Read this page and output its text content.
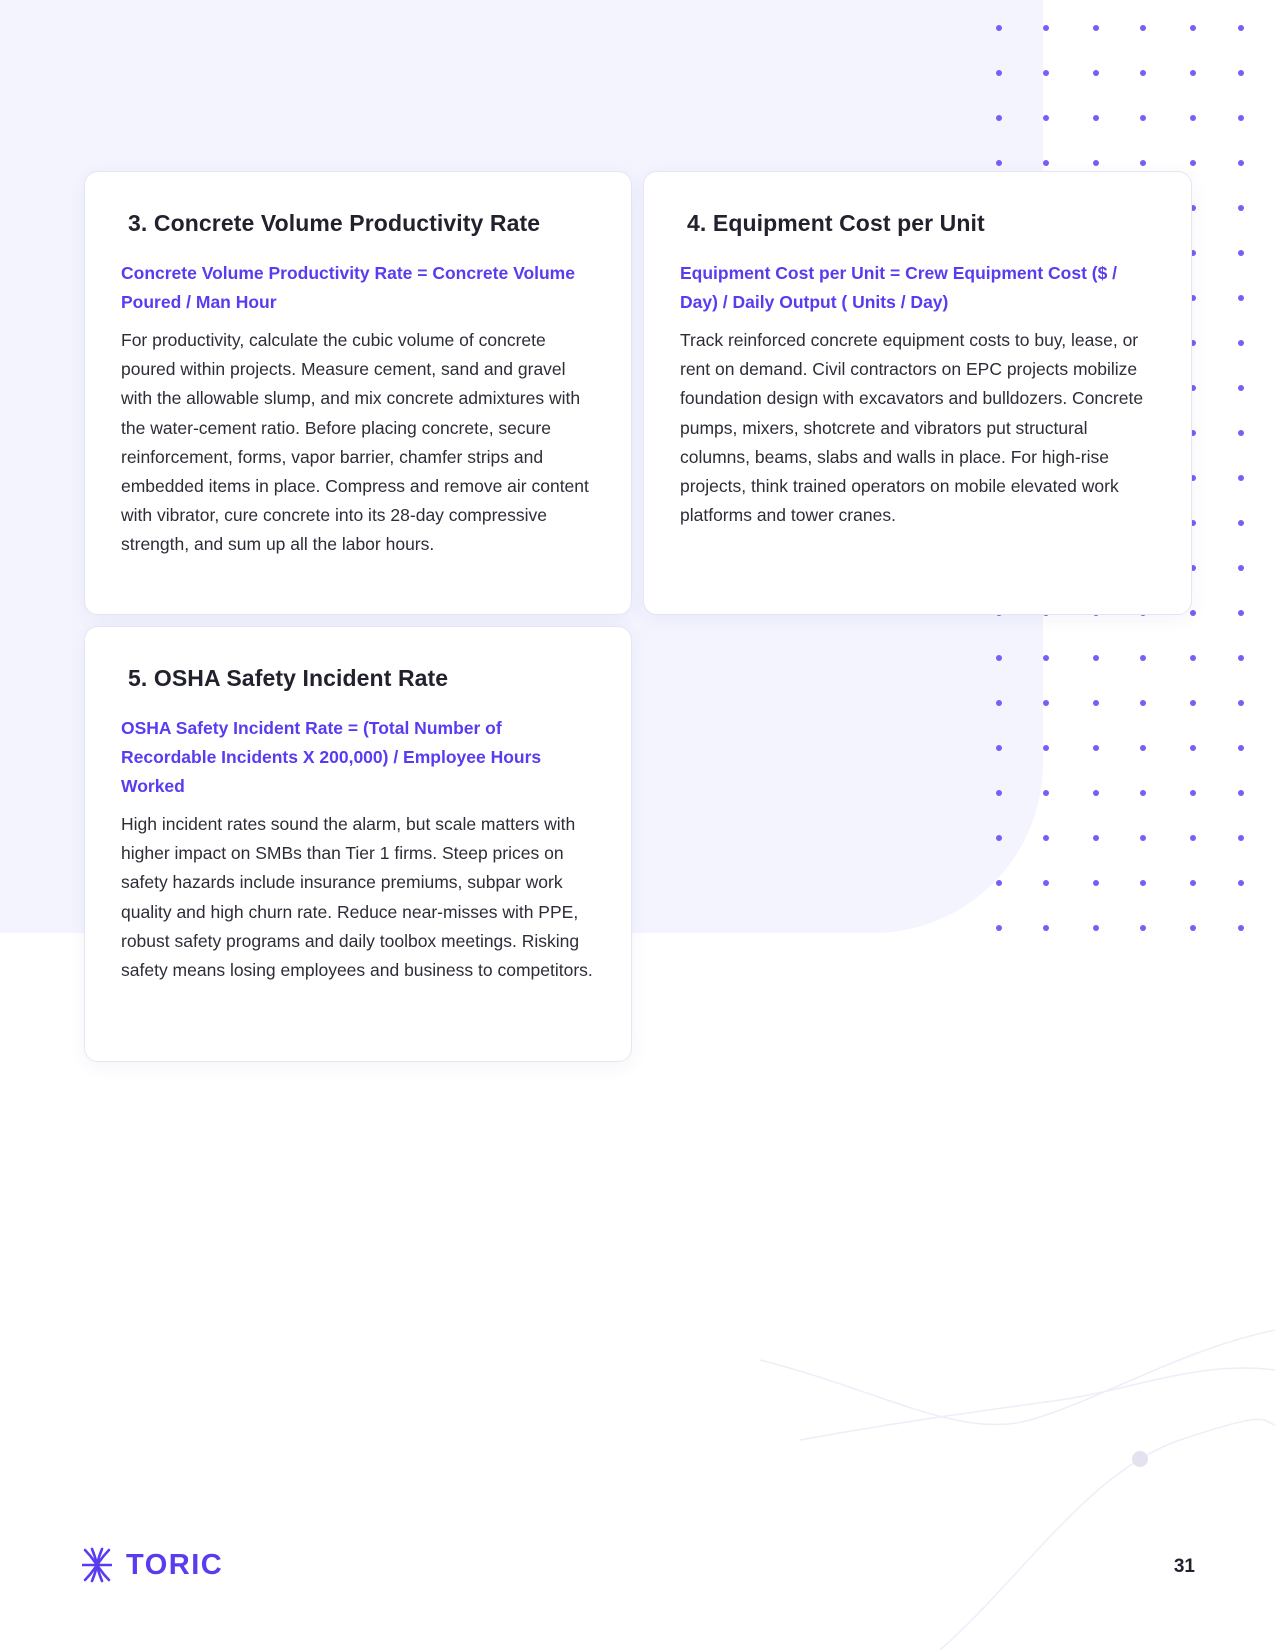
3. Concrete Volume Productivity Rate

Concrete Volume Productivity Rate = Concrete Volume Poured / Man Hour

For productivity, calculate the cubic volume of concrete poured within projects. Measure cement, sand and gravel with the allowable slump, and mix concrete admixtures with the water-cement ratio. Before placing concrete, secure reinforcement, forms, vapor barrier, chamfer strips and embedded items in place. Compress and remove air content with vibrator, cure concrete into its 28-day compressive strength, and sum up all the labor hours.

4. Equipment Cost per Unit

Equipment Cost per Unit = Crew Equipment Cost ($ / Day) / Daily Output ( Units / Day)

Track reinforced concrete equipment costs to buy, lease, or rent on demand. Civil contractors on EPC projects mobilize foundation design with excavators and bulldozers. Concrete pumps, mixers, shotcrete and vibrators put structural columns, beams, slabs and walls in place. For high-rise projects, think trained operators on mobile elevated work platforms and tower cranes.

5. OSHA Safety Incident Rate

OSHA Safety Incident Rate = (Total Number of Recordable Incidents X 200,000) / Employee Hours Worked

High incident rates sound the alarm, but scale matters with higher impact on SMBs than Tier 1 firms. Steep prices on safety hazards include insurance premiums, subpar work quality and high churn rate. Reduce near-misses with PPE, robust safety programs and daily toolbox meetings. Risking safety means losing employees and business to competitors.

TORIC	31
